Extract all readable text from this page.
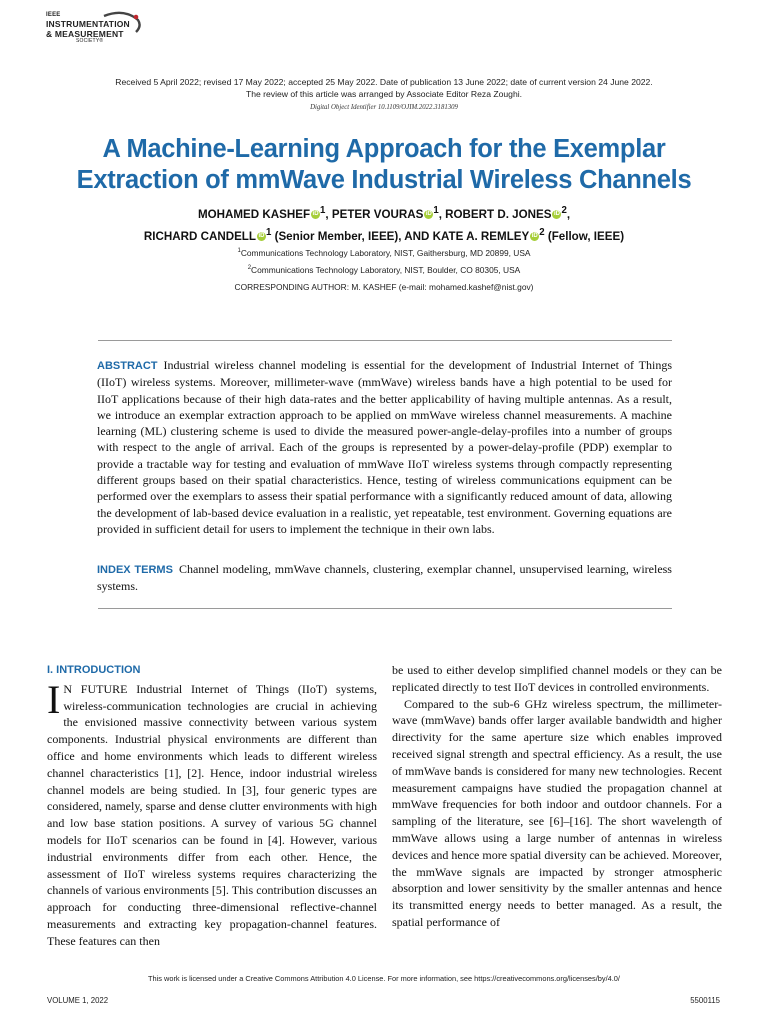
IEEE
INSTRUMENTATION
& MEASUREMENT
SOCIETY®
Received 5 April 2022; revised 17 May 2022; accepted 25 May 2022. Date of publication 13 June 2022; date of current version 24 June 2022.
The review of this article was arranged by Associate Editor Reza Zoughi.
Digital Object Identifier 10.1109/OJIM.2022.3181309
A Machine-Learning Approach for the Exemplar
Extraction of mmWave Industrial Wireless Channels
MOHAMED KASHEF iD $^1$, PETER VOURAS iD $^1$, ROBERT D. JONES iD $^2$,
RICHARD CANDELL iD $^1$ (Senior Member, IEEE), AND KATE A. REMLEY iD $^2$ (Fellow, IEEE)
$^1$Communications Technology Laboratory, NIST, Gaithersburg, MD 20899, USA
$^2$Communications Technology Laboratory, NIST, Boulder, CO 80305, USA
CORRESPONDING AUTHOR: M. KASHEF (e-mail: mohamed.kashef@nist.gov)
ABSTRACT Industrial wireless channel modeling is essential for the development of Industrial Internet of Things (IIoT) wireless systems. Moreover, millimeter-wave (mmWave) wireless bands have a high potential to be used for IIoT applications because of their high data-rates and the better applicability of having multiple antennas. As a result, we introduce an exemplar extraction approach to be applied on mmWave wireless channel measurements. A machine learning (ML) clustering scheme is used to divide the measured power-angle-delay-profiles into a number of groups with respect to the angle of arrival. Each of the groups is represented by a power-delay-profile (PDP) exemplar to provide a tractable way for testing and evaluation of mmWave IIoT wireless systems through compactly representing different groups based on their spatial characteristics. Hence, testing of wireless communications equipment can be performed over the exemplars to assess their spatial performance with a significantly reduced amount of data, allowing the development of lab-based device evaluation in a realistic, yet repeatable, test environment. Governing equations are provided in sufficient detail for users to implement the technique in their own labs.
INDEX TERMS Channel modeling, mmWave channels, clustering, exemplar channel, unsupervised learning, wireless systems.
I. INTRODUCTION
I N FUTURE Industrial Internet of Things (IIoT) systems, wireless-communication technologies are crucial in achieving the envisioned massive connectivity between various system components. Industrial physical environments are different than office and home environments which leads to different wireless channel characteristics [1], [2]. Hence, indoor industrial wireless channel models are being studied. In [3], four generic types are considered, namely, sparse and dense clutter environments with high and low base station positions. A survey of various 5G channel models for IIoT scenarios can be found in [4]. However, various industrial environments differ from each other. Hence, the assessment of IIoT wireless systems requires characterizing the channels of various environments [5]. This contribution discusses an approach for conducting three-dimensional reflective-channel measurements and extracting key propagation-channel features. These features can then
be used to either develop simplified channel models or they can be replicated directly to test IIoT devices in controlled environments.
Compared to the sub-6 GHz wireless spectrum, the millimeter-wave (mmWave) bands offer larger available bandwidth and higher directivity for the same aperture size which enables improved received signal strength and spectral efficiency. As a result, the use of mmWave bands is considered for many new technologies. Recent measurement campaigns have studied the propagation channel at mmWave frequencies for both indoor and outdoor channels. For a sampling of the literature, see [6]–[16]. The short wavelength of mmWave allows using a large number of antennas in wireless devices and hence more spatial diversity can be achieved. Moreover, the mmWave signals are impacted by stronger atmospheric absorption and lower sensitivity by the smaller antennas and hence its transmitted energy needs to better managed. As a result, the spatial performance of
This work is licensed under a Creative Commons Attribution 4.0 License. For more information, see https://creativecommons.org/licenses/by/4.0/
VOLUME 1, 2022	5500115
